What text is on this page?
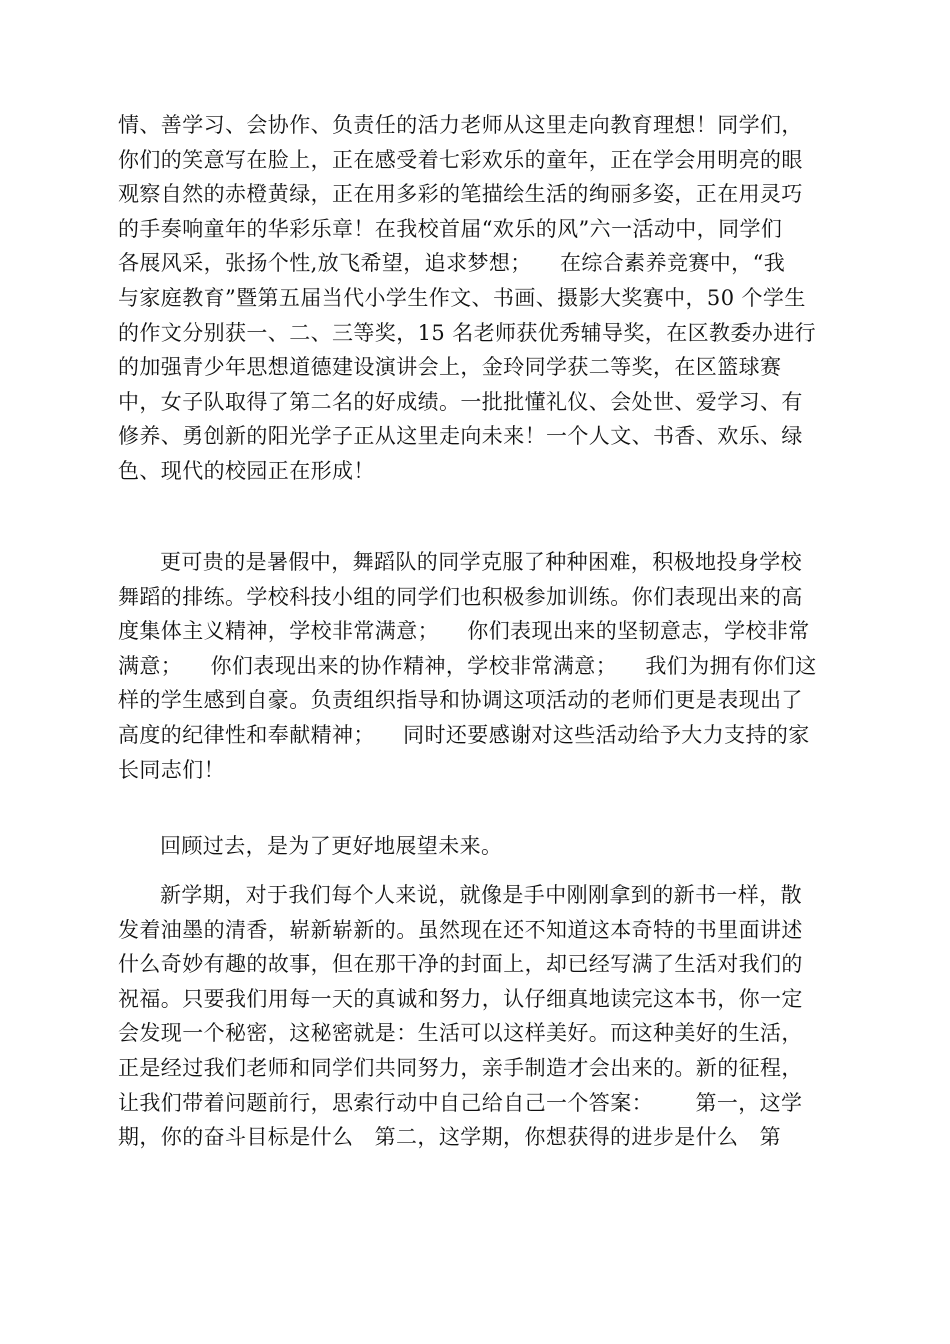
情、善学习、会协作、负责任的活力老师从这里走向教育理想！同学们，

你们的笑意写在脸上，正在感受着七彩欢乐的童年，正在学会用明亮的眼

观察自然的赤橙黄绿，正在用多彩的笔描绘生活的绚丽多姿，正在用灵巧

的手奏响童年的华彩乐章！在我校首届“欢乐的风”六一活动中，同学们

各展风采，张扬个性,放飞希望，追求梦想；    在综合素养竞赛中，“我

与家庭教育”暨第五届当代小学生作文、书画、摄影大奖赛中，50 个学生

的作文分别获一、二、三等奖，15 名老师获优秀辅导奖，在区教委办进行

的加强青少年思想道德建设演讲会上，金玲同学获二等奖，在区篮球赛

中，女子队取得了第二名的好成绩。一批批懂礼仪、会处世、爱学习、有

修养、勇创新的阳光学子正从这里走向未来！一个人文、书香、欢乐、绿

色、现代的校园正在形成！

更可贵的是暑假中，舞蹈队的同学克服了种种困难，积极地投身学校

舞蹈的排练。学校科技小组的同学们也积极参加训练。你们表现出来的高

度集体主义精神，学校非常满意；    你们表现出来的坚韧意志，学校非常

满意；    你们表现出来的协作精神，学校非常满意；    我们为拥有你们这

样的学生感到自豪。负责组织指导和协调这项活动的老师们更是表现出了

高度的纪律性和奉献精神；    同时还要感谢对这些活动给予大力支持的家

长同志们！

回顾过去，是为了更好地展望未来。

新学期，对于我们每个人来说，就像是手中刚刚拿到的新书一样，散

发着油墨的清香，崭新崭新的。虽然现在还不知道这本奇特的书里面讲述

什么奇妙有趣的故事，但在那干净的封面上，却已经写满了生活对我们的

祝福。只要我们用每一天的真诚和努力，认仔细真地读完这本书，你一定

会发现一个秘密，这秘密就是：生活可以这样美好。而这种美好的生活，

正是经过我们老师和同学们共同努力，亲手制造才会出来的。新的征程，

让我们带着问题前行，思索行动中自己给自己一个答案：      第一，这学

期，你的奋斗目标是什么   第二，这学期，你想获得的进步是什么   第
